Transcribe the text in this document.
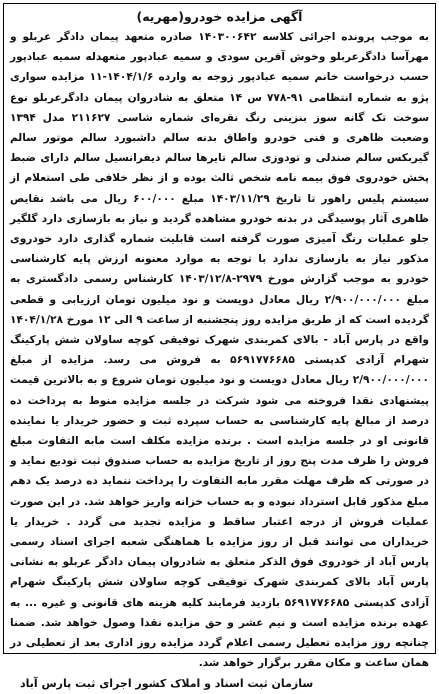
آگهی مزایده خودرو(مهریه)

به موجب پرونده اجرائی کلاسه ۱۴۰۳۰۰۶۴۲ صادره متعهد پیمان دادگر عربلو و مهرآسا دادگرعربلو وخوش آفرین سودی و سمیه عبادپور متعهدله سمیه عبادپور حسب درخواست خانم سمیه عبادپور زوجه به وارده ۱۴۰۴/۱/۶-۱۱ مزایده سواری پژو به شماره انتظامی ۹۱-۷۷۸ س ۱۴ متعلق به شادروان پیمان دادگرعربلو نوع سوخت تک گانه سوز بنزینی رنگ نقره‌ای شماره شاسی ۲۱۱۶۲۷ مدل ۱۳۹۴ وضعیت ظاهری و فنی خودرو واطاق بدنه سالم داشبورد سالم موتور سالم گیربکس سالم صندلی و تودوزی سالم تایرها سالم دیفرانسیل سالم دارای ضبط پخش خودروی فوق بیمه نامه شخص ثالث بوده و از نظر خلافی طی استعلام از سیستم پلیس راهور تا تاریخ ۱۴۰۳/۱۱/۲۹ مبلغ ۶۰۰/۰۰۰ ریال می باشد نقایص ظاهری آثار پوسیدگی در بدنه خودرو مشاهده گردید و نیاز به بازسازی دارد گلگیر جلو عملیات رنگ آمیزی صورت گرفته است قابلیت شماره گذاری دارد خودروی مذکور نیاز به بازسازی ندارد با توجه به موارد معنونه ارزش پایه کارشناسی خودرو به موجب گزارش مورخ ۲۹۷۹-۱۴۰۳/۱۲/۸ کارشناس رسمی دادگستری به مبلغ ۲/۹۰۰/۰۰۰/۰۰۰ ریال معادل دویست و نود میلیون تومان ارزیابی و قطعی گردیده است که از طریق مزایده روز پنجشنبه از ساعت ۹ الی ۱۲ مورخ ۱۴۰۴/۱/۲۸ واقع در پارس آباد - بالای کمربندی شهرک توفیقی کوچه ساولان شش پارکینگ شهرام آزادی کدپستی ۵۶۹۱۷۷۶۶۸۵ به فروش می رسد. مزایده از مبلغ ۲/۹۰۰/۰۰۰/۰۰۰ ریال معادل دویست و نود میلیون تومان شروع و به بالاترین قیمت پیشنهادی نقدا فروخته می شود شرکت در جلسه مزایده منوط به پرداخت ده درصد از مبالغ پایه کارشناسی به حساب سپرده ثبت و حضور خریدار یا نماینده قانونی او در جلسه مزایده است . برنده مزایده مکلف است مابه التفاوت مبلغ فروش را ظرف مدت پنج روز از تاریخ مزایده به حساب صندوق ثبت تودیع نماید و در صورتی که ظرف مهلت مقرر مابه التفاوت را پرداخت ننماید ده درصد یک دهم مبلغ مذکور قابل استرداد نبوده و به حساب خزانه واریز خواهد شد. در این صورت عملیات فروش از درجه اعتبار ساقط و مزایده تجدید می گردد . خریدار یا خریداران می توانند قبل از روز مزایده با هماهنگی شعبه اجرای اسناد رسمی پارس آباد از خودروی فوق الذکر متعلق به شادروان پیمان دادگر عربلو به نشانی پارس آباد بالای کمربندی شهرک توفیقی کوچه ساولان شش پارکینگ شهرام آزادی کدپستی ۵۶۹۱۷۷۶۶۸۵ بازدید فرمایند کلیه هزینه های قانونی و غیره ... به عهده برنده مزایده است و نیم عشر و حق مزایده نقدا وصول خواهد شد. ضمنا چنانچه روز مزایده تعطیل رسمی اعلام گردد مزایده روز اداری بعد از تعطیلی در همان ساعت و مکان مقرر برگزار خواهد شد.

سازمان ثبت اسناد و املاک کشور اجرای ثبت پارس آباد
